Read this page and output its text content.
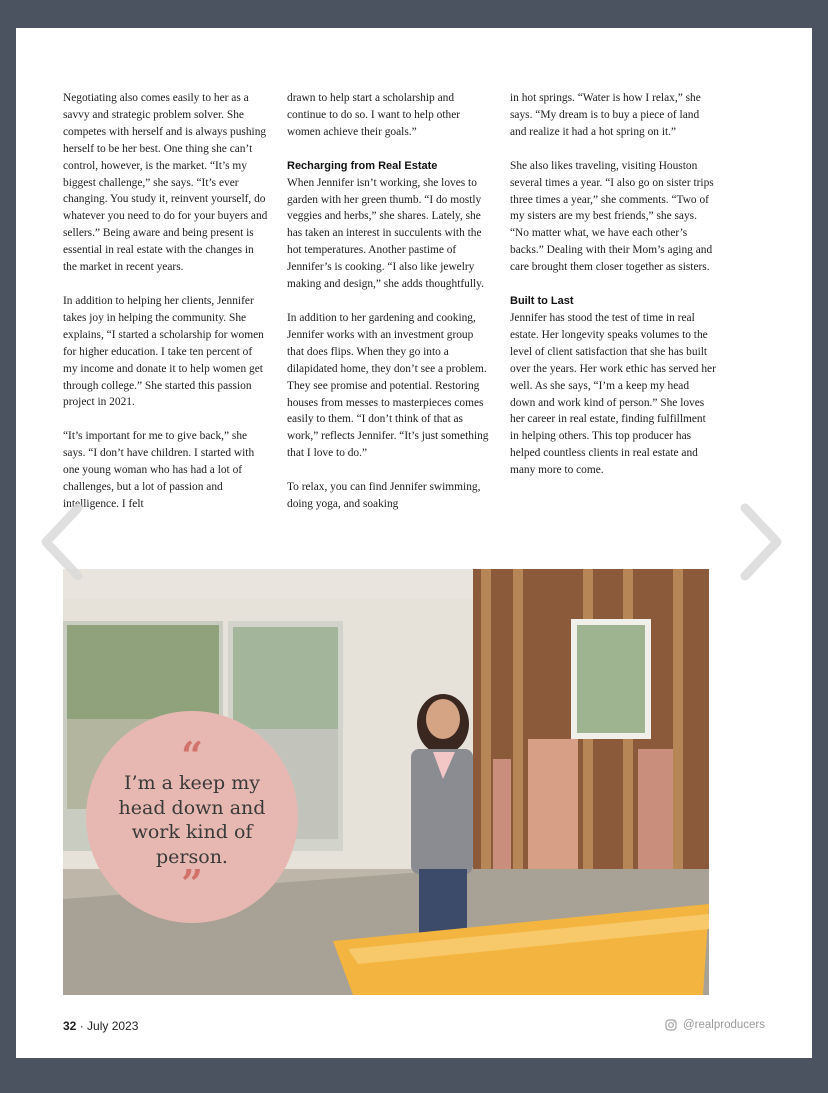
Negotiating also comes easily to her as a savvy and strategic problem solver. She competes with herself and is always pushing herself to be her best. One thing she can’t control, however, is the market. “It’s my biggest challenge,” she says. “It’s ever changing. You study it, reinvent yourself, do whatever you need to do for your buyers and sellers.” Being aware and being present is essential in real estate with the changes in the market in recent years.

In addition to helping her clients, Jennifer takes joy in helping the community. She explains, “I started a scholarship for women for higher education. I take ten percent of my income and donate it to help women get through college.” She started this passion project in 2021.

“It’s important for me to give back,” she says. “I don’t have children. I started with one young woman who has had a lot of challenges, but a lot of passion and intelligence. I felt

drawn to help start a scholarship and continue to do so. I want to help other women achieve their goals.”

Recharging from Real Estate

When Jennifer isn’t working, she loves to garden with her green thumb. “I do mostly veggies and herbs,” she shares. Lately, she has taken an interest in succulents with the hot temperatures. Another pastime of Jennifer’s is cooking. “I also like jewelry making and design,” she adds thoughtfully.

In addition to her gardening and cooking, Jennifer works with an investment group that does flips. When they go into a dilapidated home, they don’t see a problem. They see promise and potential. Restoring houses from messes to masterpieces comes easily to them. “I don’t think of that as work,” reflects Jennifer. “It’s just something that I love to do.”

To relax, you can find Jennifer swimming, doing yoga, and soaking

in hot springs. “Water is how I relax,” she says. “My dream is to buy a piece of land and realize it had a hot spring on it.”

She also likes traveling, visiting Houston several times a year. “I also go on sister trips three times a year,” she comments. “Two of my sisters are my best friends,” she says. “No matter what, we have each other’s backs.” Dealing with their Mom’s aging and care brought them closer together as sisters.

Built to Last

Jennifer has stood the test of time in real estate. Her longevity speaks volumes to the level of client satisfaction that she has built over the years. Her work ethic has served her well. As she says, “I’m a keep my head down and work kind of person.” She loves her career in real estate, finding fulfillment in helping others. This top producer has helped countless clients in real estate and many more to come.

“
I’m a keep my head down and work kind of person.
”
32 · July 2023	@realproducers
